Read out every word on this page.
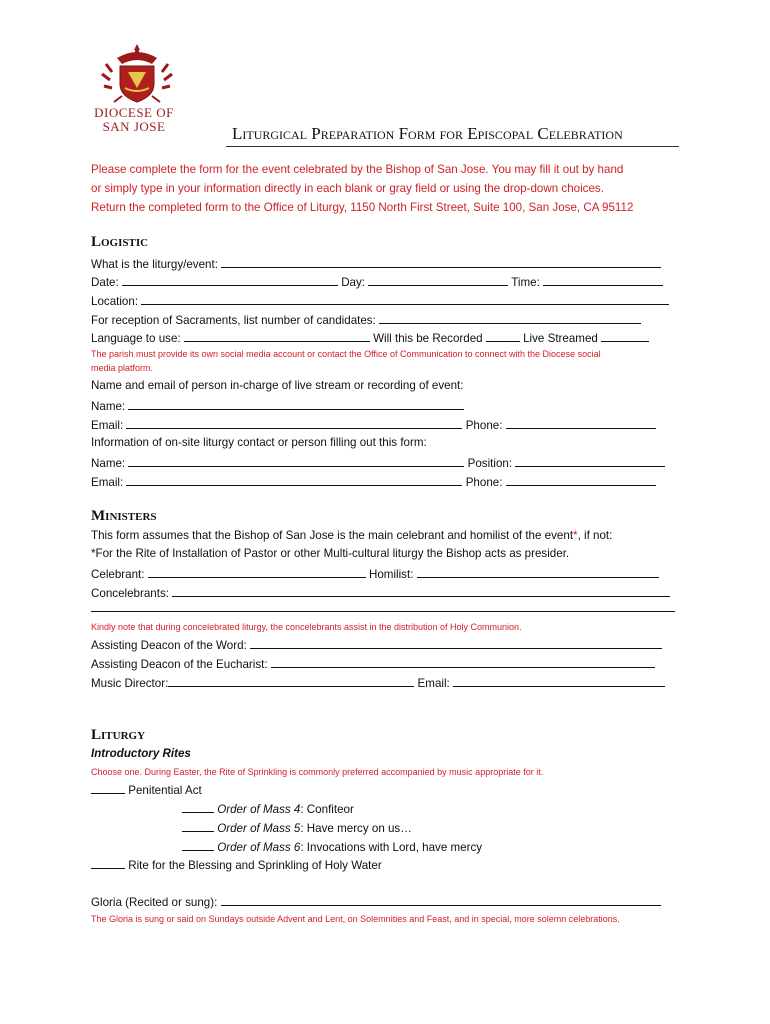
DIOCESE OF
SAN JOSE	Liturgical Preparation Form for Episcopal Celebration
Please complete the form for the event celebrated by the Bishop of San Jose. You may fill it out by hand
or simply type in your information directly in each blank or gray field or using the drop-down choices.
Return the completed form to the Office of Liturgy, 1150 North First Street, Suite 100, San Jose, CA 95112
Logistic
What is the liturgy/event:
Date:	Day:	Time:
Location:
For reception of Sacraments, list number of candidates:
Language to use:	Will this be Recorded	Live Streamed
The parish must provide its own social media account or contact the Office of Communication to connect with the Diocese social
media platform.
Name and email of person in-charge of live stream or recording of event:
Name:
Email:	Phone:
Information of on-site liturgy contact or person filling out this form:
Name:	Position:
Email:	Phone:
Ministers
This form assumes that the Bishop of San Jose is the main celebrant and homilist of the event*, if not:
*For the Rite of Installation of Pastor or other Multi-cultural liturgy the Bishop acts as presider.
Celebrant:	Homilist:
Concelebrants:
Kindly note that during concelebrated liturgy, the concelebrants assist in the distribution of Holy Communion.
Assisting Deacon of the Word:
Assisting Deacon of the Eucharist:
Music Director:	Email:
Liturgy
Introductory Rites
Choose one. During Easter, the Rite of Sprinkling is commonly preferred accompanied by music appropriate for it.
Penitential Act
Order of Mass 4: Confiteor
Order of Mass 5: Have mercy on us…
Order of Mass 6: Invocations with Lord, have mercy
Rite for the Blessing and Sprinkling of Holy Water
Gloria (Recited or sung):
The Gloria is sung or said on Sundays outside Advent and Lent, on Solemnities and Feast, and in special, more solemn celebrations.
